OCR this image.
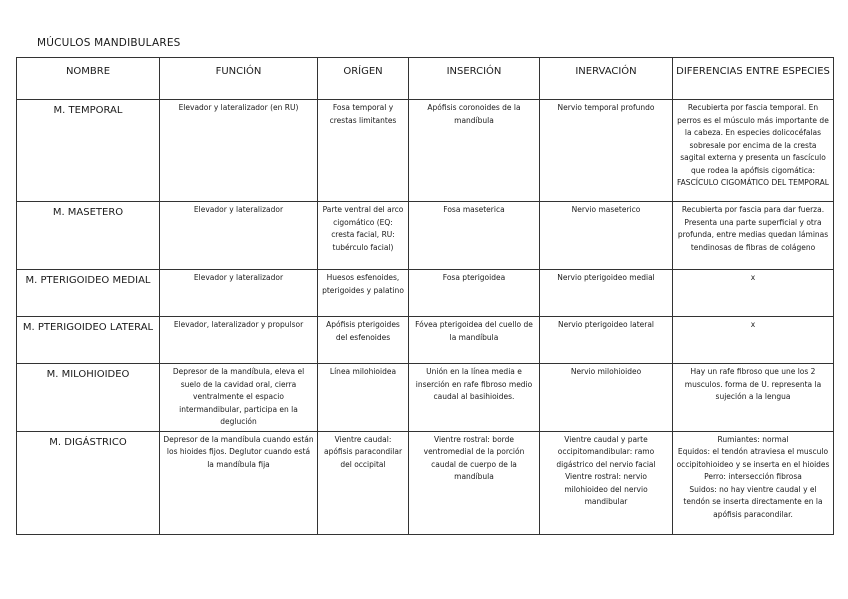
MÚCULOS MANDIBULARES
NOMBRE	FUNCIÓN	ORÍGEN	INSERCIÓN	INERVACIÓN	DIFERENCIAS ENTRE ESPECIES
M. TEMPORAL	Elevador y lateralizador (en RU)	Fosa temporal y crestas limitantes	Apófisis coronoides de la mandíbula	Nervio temporal profundo	Recubierta por fascia temporal. En perros es el músculo más importante de la cabeza. En especies dolicocéfalas sobresale por encima de la cresta sagital externa y presenta un fascículo que rodea la apófisis cigomática: FASCÍCULO CIGOMÁTICO DEL TEMPORAL
M. MASETERO	Elevador y lateralizador	Parte ventral del arco cigomático (EQ: cresta facial, RU: tubérculo facial)	Fosa maseterica	Nervio maseterico	Recubierta por fascia para dar fuerza. Presenta una parte superficial y otra profunda, entre medias quedan láminas tendinosas de fibras de colágeno
M. PTERIGOIDEO MEDIAL	Elevador y lateralizador	Huesos esfenoides, pterigoides y palatino	Fosa pterigoidea	Nervio pterigoideo medial	x
M. PTERIGOIDEO LATERAL	Elevador, lateralizador y propulsor	Apófisis pterigoides del esfenoides	Fóvea pterigoidea del cuello de la mandíbula	Nervio pterigoideo lateral	x
M. MILOHIOIDEO	Depresor de la mandíbula, eleva el suelo de la cavidad oral, cierra ventralmente el espacio intermandibular, participa en la deglución	Línea milohioidea	Unión en la línea media e inserción en rafe fibroso medio caudal al basihioides.	Nervio milohioideo	Hay un rafe fibroso que une los 2 musculos. forma de U. representa la sujeción a la lengua
M. DIGÁSTRICO	Depresor de la mandíbula cuando están los hioides fijos. Deglutor cuando está la mandíbula fija	Vientre caudal: apófisis paracondilar del occipital	Vientre rostral: borde ventromedial de la porción caudal de cuerpo de la mandíbula	Vientre caudal y parte occipitomandibular: ramo digástrico del nervio facial Vientre rostral: nervio milohioideo del nervio mandibular	Rumiantes: normal
Equidos: el tendón atraviesa el musculo occipitohioideo y se inserta en el hioides
Perro: intersección fibrosa
Suidos: no hay vientre caudal y el tendón se inserta directamente en la apófisis paracondilar.
